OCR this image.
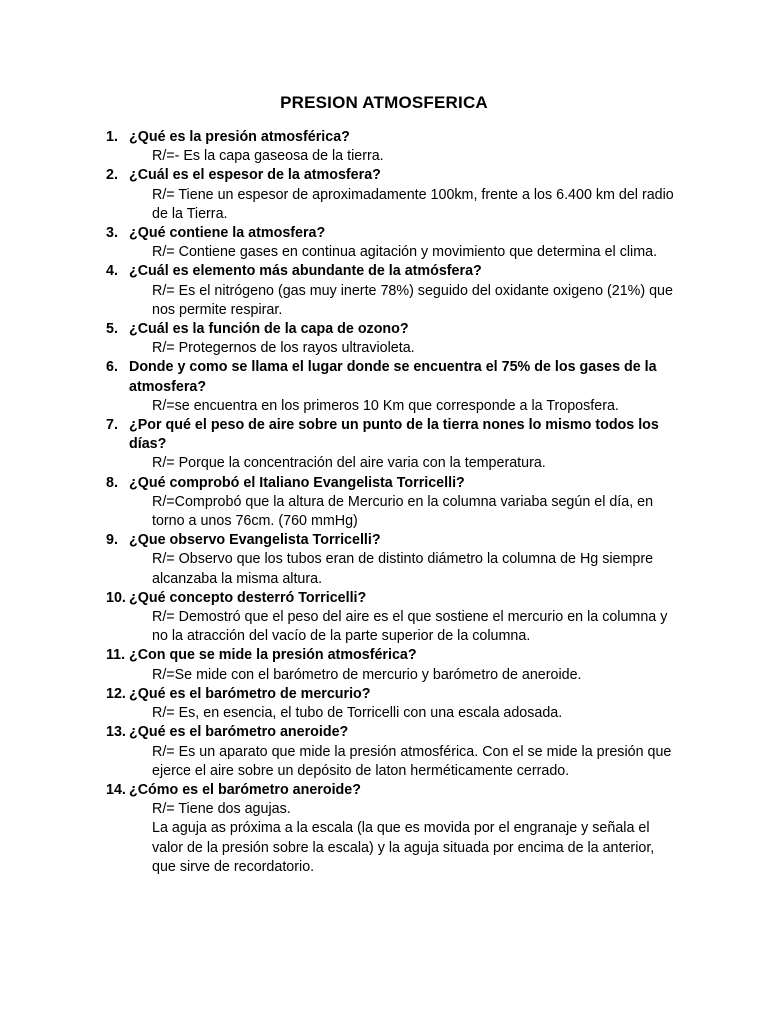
PRESION ATMOSFERICA
1. ¿Qué es la presión atmosférica?
R/=- Es la capa gaseosa de la tierra.
2. ¿Cuál es el espesor de la atmosfera?
R/= Tiene un espesor de aproximadamente 100km, frente a los 6.400 km del radio de la Tierra.
3. ¿Qué contiene la atmosfera?
R/= Contiene gases en continua agitación y movimiento que determina el clima.
4. ¿Cuál es elemento más abundante de la atmósfera?
R/= Es el nitrógeno (gas muy inerte 78%) seguido del oxidante oxigeno (21%) que nos permite respirar.
5. ¿Cuál es la función de la capa de ozono?
R/= Protegernos de los rayos ultravioleta.
6. Donde y como se llama el lugar donde se encuentra el 75% de los gases de la atmosfera?
R/=se encuentra en los primeros 10 Km que corresponde a la Troposfera.
7. ¿Por qué el peso de aire sobre un punto de la tierra nones lo mismo todos los días?
R/= Porque la concentración del aire varia con la temperatura.
8. ¿Qué comprobó el Italiano Evangelista Torricelli?
R/=Comprobó que la altura de Mercurio en la columna variaba según el día, en torno a unos 76cm. (760 mmHg)
9. ¿Que observo Evangelista Torricelli?
R/= Observo que los tubos eran de distinto diámetro la columna de Hg siempre alcanzaba la misma altura.
10. ¿Qué concepto desterró Torricelli?
R/= Demostró que el peso del aire es el que sostiene el mercurio en la columna y no la atracción del vacío de la parte superior de la columna.
11. ¿Con que se mide la presión atmosférica?
R/=Se mide con el barómetro de mercurio y barómetro de aneroide.
12. ¿Qué es el barómetro de mercurio?
R/= Es, en esencia, el tubo de Torricelli con una escala adosada.
13. ¿Qué es el barómetro aneroide?
R/= Es un aparato que mide la presión atmosférica. Con el se mide la presión que ejerce el aire sobre un depósito de laton herméticamente cerrado.
14. ¿Cómo es el barómetro aneroide?
R/= Tiene dos agujas.
La aguja as próxima a la escala (la que es movida por el engranaje y señala el valor de la presión sobre la escala) y la aguja situada por encima de la anterior, que sirve de recordatorio.
